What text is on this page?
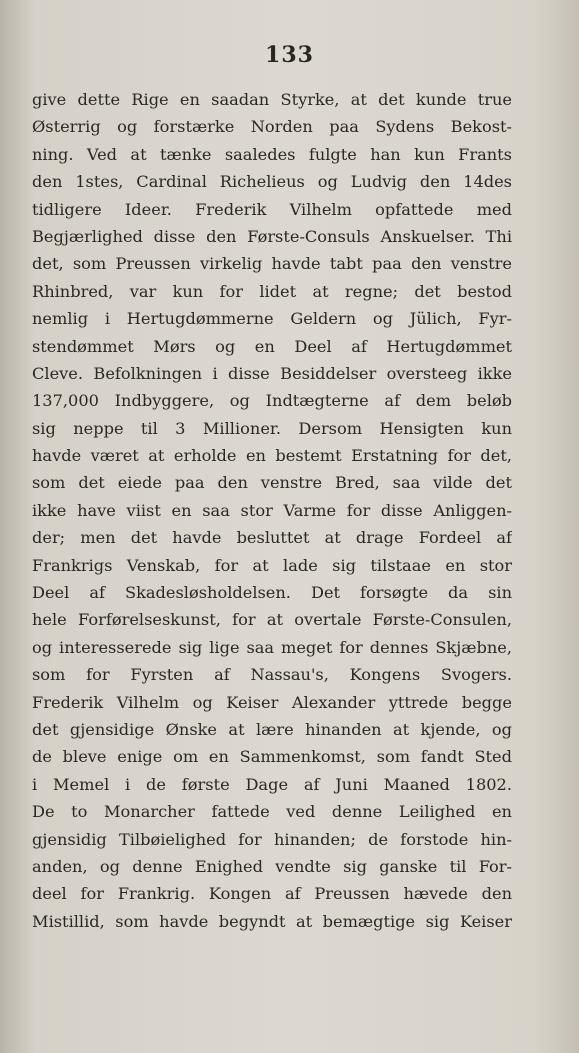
133
give dette Rige en saadan Styrke, at det kunde true
Østerrig og forstærke Norden paa Sydens Bekost-
ning. Ved at tænke saaledes fulgte han kun Frants
den 1stes, Cardinal Richelieus og Ludvig den 14des
tidligere Ideer. Frederik Vilhelm opfattede med
Begjærlighed disse den Første-Consuls Anskuelser. Thi
det, som Preussen virkelig havde tabt paa den venstre
Rhinbred, var kun for lidet at regne; det bestod
nemlig i Hertugdømmerne Geldern og Jülich, Fyr-
stendømmet Mørs og en Deel af Hertugdømmet
Cleve. Befolkningen i disse Besiddelser oversteeg ikke
137,000 Indbyggere, og Indtægterne af dem beløb
sig neppe til 3 Millioner. Dersom Hensigten kun
havde været at erholde en bestemt Erstatning for det,
som det eiede paa den venstre Bred, saa vilde det
ikke have viist en saa stor Varme for disse Anliggen-
der; men det havde besluttet at drage Fordeel af
Frankrigs Venskab, for at lade sig tilstaae en stor
Deel af Skadesløsholdelsen. Det forsøgte da sin
hele Forførelseskunst, for at overtale Første-Consulen,
og interesserede sig lige saa meget for dennes Skjæbne,
som for Fyrsten af Nassau's, Kongens Svogers.
Frederik Vilhelm og Keiser Alexander yttrede begge
det gjensidige Ønske at lære hinanden at kjende, og
de bleve enige om en Sammenkomst, som fandt Sted
i Memel i de første Dage af Juni Maaned 1802.
De to Monarcher fattede ved denne Leilighed en
gjensidig Tilbøielighed for hinanden; de forstode hin-
anden, og denne Enighed vendte sig ganske til For-
deel for Frankrig. Kongen af Preussen hævede den
Mistillid, som havde begyndt at bemægtige sig Keiser
